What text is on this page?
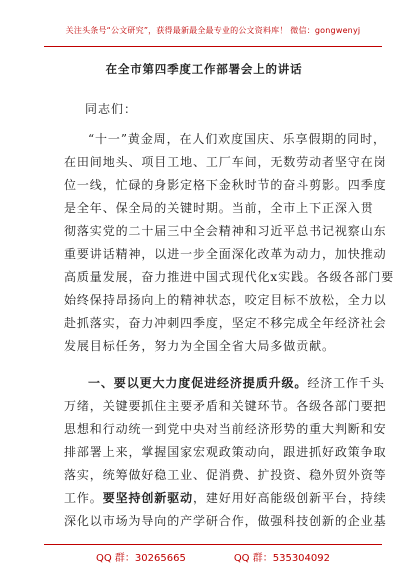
关注头条号“公文研究”，获得最新最全最专业的公文资料库！ 微信：gongwenyj
在全市第四季度工作部署会上的讲话
同志们：
“十一”黄金周，在人们欢度国庆、乐享假期的同时，
在田间地头、项目工地、工厂车间，无数劳动者坚守在岗
位一线，忙碌的身影定格下金秋时节的奋斗剪影。四季度
是全年、保全局的关键时期。当前，全市上下正深入贯
彻落实党的二十届三中全会精神和习近平总书记视察山东
重要讲话精神，以进一步全面深化改革为动力，加快推动
高质量发展，奋力推进中国式现代化x实践。各级各部门要
始终保持昂扬向上的精神状态，咬定目标不放松，全力以
赴抓落实，奋力冲刺四季度，坚定不移完成全年经济社会
发展目标任务，努力为全国全省大局多做贡献。
一、要以更大力度促进经济提质升级。经济工作千头
万绪，关键要抓住主要矛盾和关键环节。各级各部门要把
思想和行动统一到党中央对当前经济形势的重大判断和安
排部署上来，掌握国家宏观政策动向，跟进抓好政策争取
落实，统筹做好稳工业、促消费、扩投资、稳外贸外资等
工作。要坚持创新驱动，建好用好高能级创新平台，持续
深化以市场为导向的产学研合作，做强科技创新的企业基
QQ 群：30265665	QQ 群：535304092
